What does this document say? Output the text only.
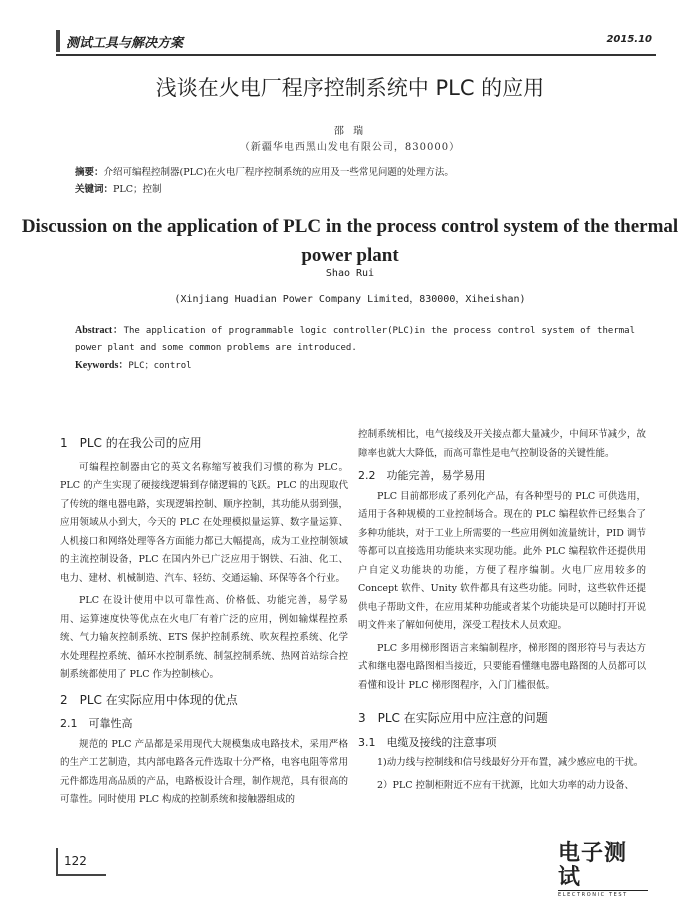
测试工具与解决方案	2015.10
浅谈在火电厂程序控制系统中 PLC 的应用
邵 瑞
（新疆华电西黑山发电有限公司，830000）
摘要：介绍可编程控制器(PLC)在火电厂程序控制系统的应用及一些常见问题的处理方法。
关键词：PLC；控制
Discussion on the application of PLC in the process control system of the thermal power plant
Shao Rui
(Xinjiang Huadian Power Company Limited，830000，Xiheishan)
Abstract：The application of programmable logic controller(PLC)in the process control system of thermal power plant and some common problems are introduced.
Keywords：PLC；control
1　PLC 的在我公司的应用

可编程控制器由它的英文名称缩写被我们习惯的称为 PLC。PLC 的产生实现了硬接线逻辑到存储逻辑的飞跃。PLC 的出现取代了传统的继电器电路，实现逻辑控制、顺序控制，其功能从弱到强，应用领域从小到大，今天的 PLC 在处理模拟量运算、数字量运算、人机接口和网络处理等各方面能力都已大幅提高，成为工业控制领域的主流控制设备，PLC 在国内外已广泛应用于钢铁、石油、化工、电力、建材、机械制造、汽车、轻纺、交通运输、环保等各个行业。

PLC 在设计使用中以可靠性高、价格低、功能完善，易学易用、运算速度快等优点在火电厂有着广泛的应用，例如输煤程控系统、气力输灰控制系统、ETS 保护控制系统、吹灰程控系统、化学水处理程控系统、循环水控制系统、制氢控制系统、热网首站综合控制系统都使用了 PLC 作为控制核心。

2　PLC 在实际应用中体现的优点
2.1　可靠性高

规范的 PLC 产品都是采用现代大规模集成电路技术，采用严格的生产工艺制造，其内部电路各元件选取十分严格，电容电阻等常用元件都选用高品质的产品，电路板设计合理，制作规范，具有很高的可靠性。同时使用 PLC 构成的控制系统和接触器组成的

控制系统相比，电气接线及开关接点都大量减少，中间环节减少，故障率也就大大降低，而高可靠性是电气控制设备的关键性能。

2.2　功能完善，易学易用

PLC 目前都形成了系列化产品，有各种型号的 PLC 可供选用，适用于各种规模的工业控制场合。现在的 PLC 编程软件已经集合了多种功能块，对于工业上所需要的一些应用例如流量统计，PID 调节等都可以直接选用功能块来实现功能。此外 PLC 编程软件还提供用户自定义功能块的功能，方便了程序编制。火电厂应用较多的 Concept 软件、Unity 软件都具有这些功能。同时，这些软件还提供电子帮助文件，在应用某种功能或者某个功能块是可以随时打开说明文件来了解如何使用，深受工程技术人员欢迎。

PLC 多用梯形图语言来编制程序，梯形图的图形符号与表达方式和继电器电路图相当接近，只要能看懂继电器电路图的人员都可以看懂和设计 PLC 梯形图程序，入门门槛很低。

3　PLC 在实际应用中应注意的问题
3.1　电缆及接线的注意事项

1)动力线与控制线和信号线最好分开布置，减少感应电的干扰。

2）PLC 控制柜附近不应有干扰源，比如大功率的动力设备、

122	电子测试
ELECTRONIC TEST
